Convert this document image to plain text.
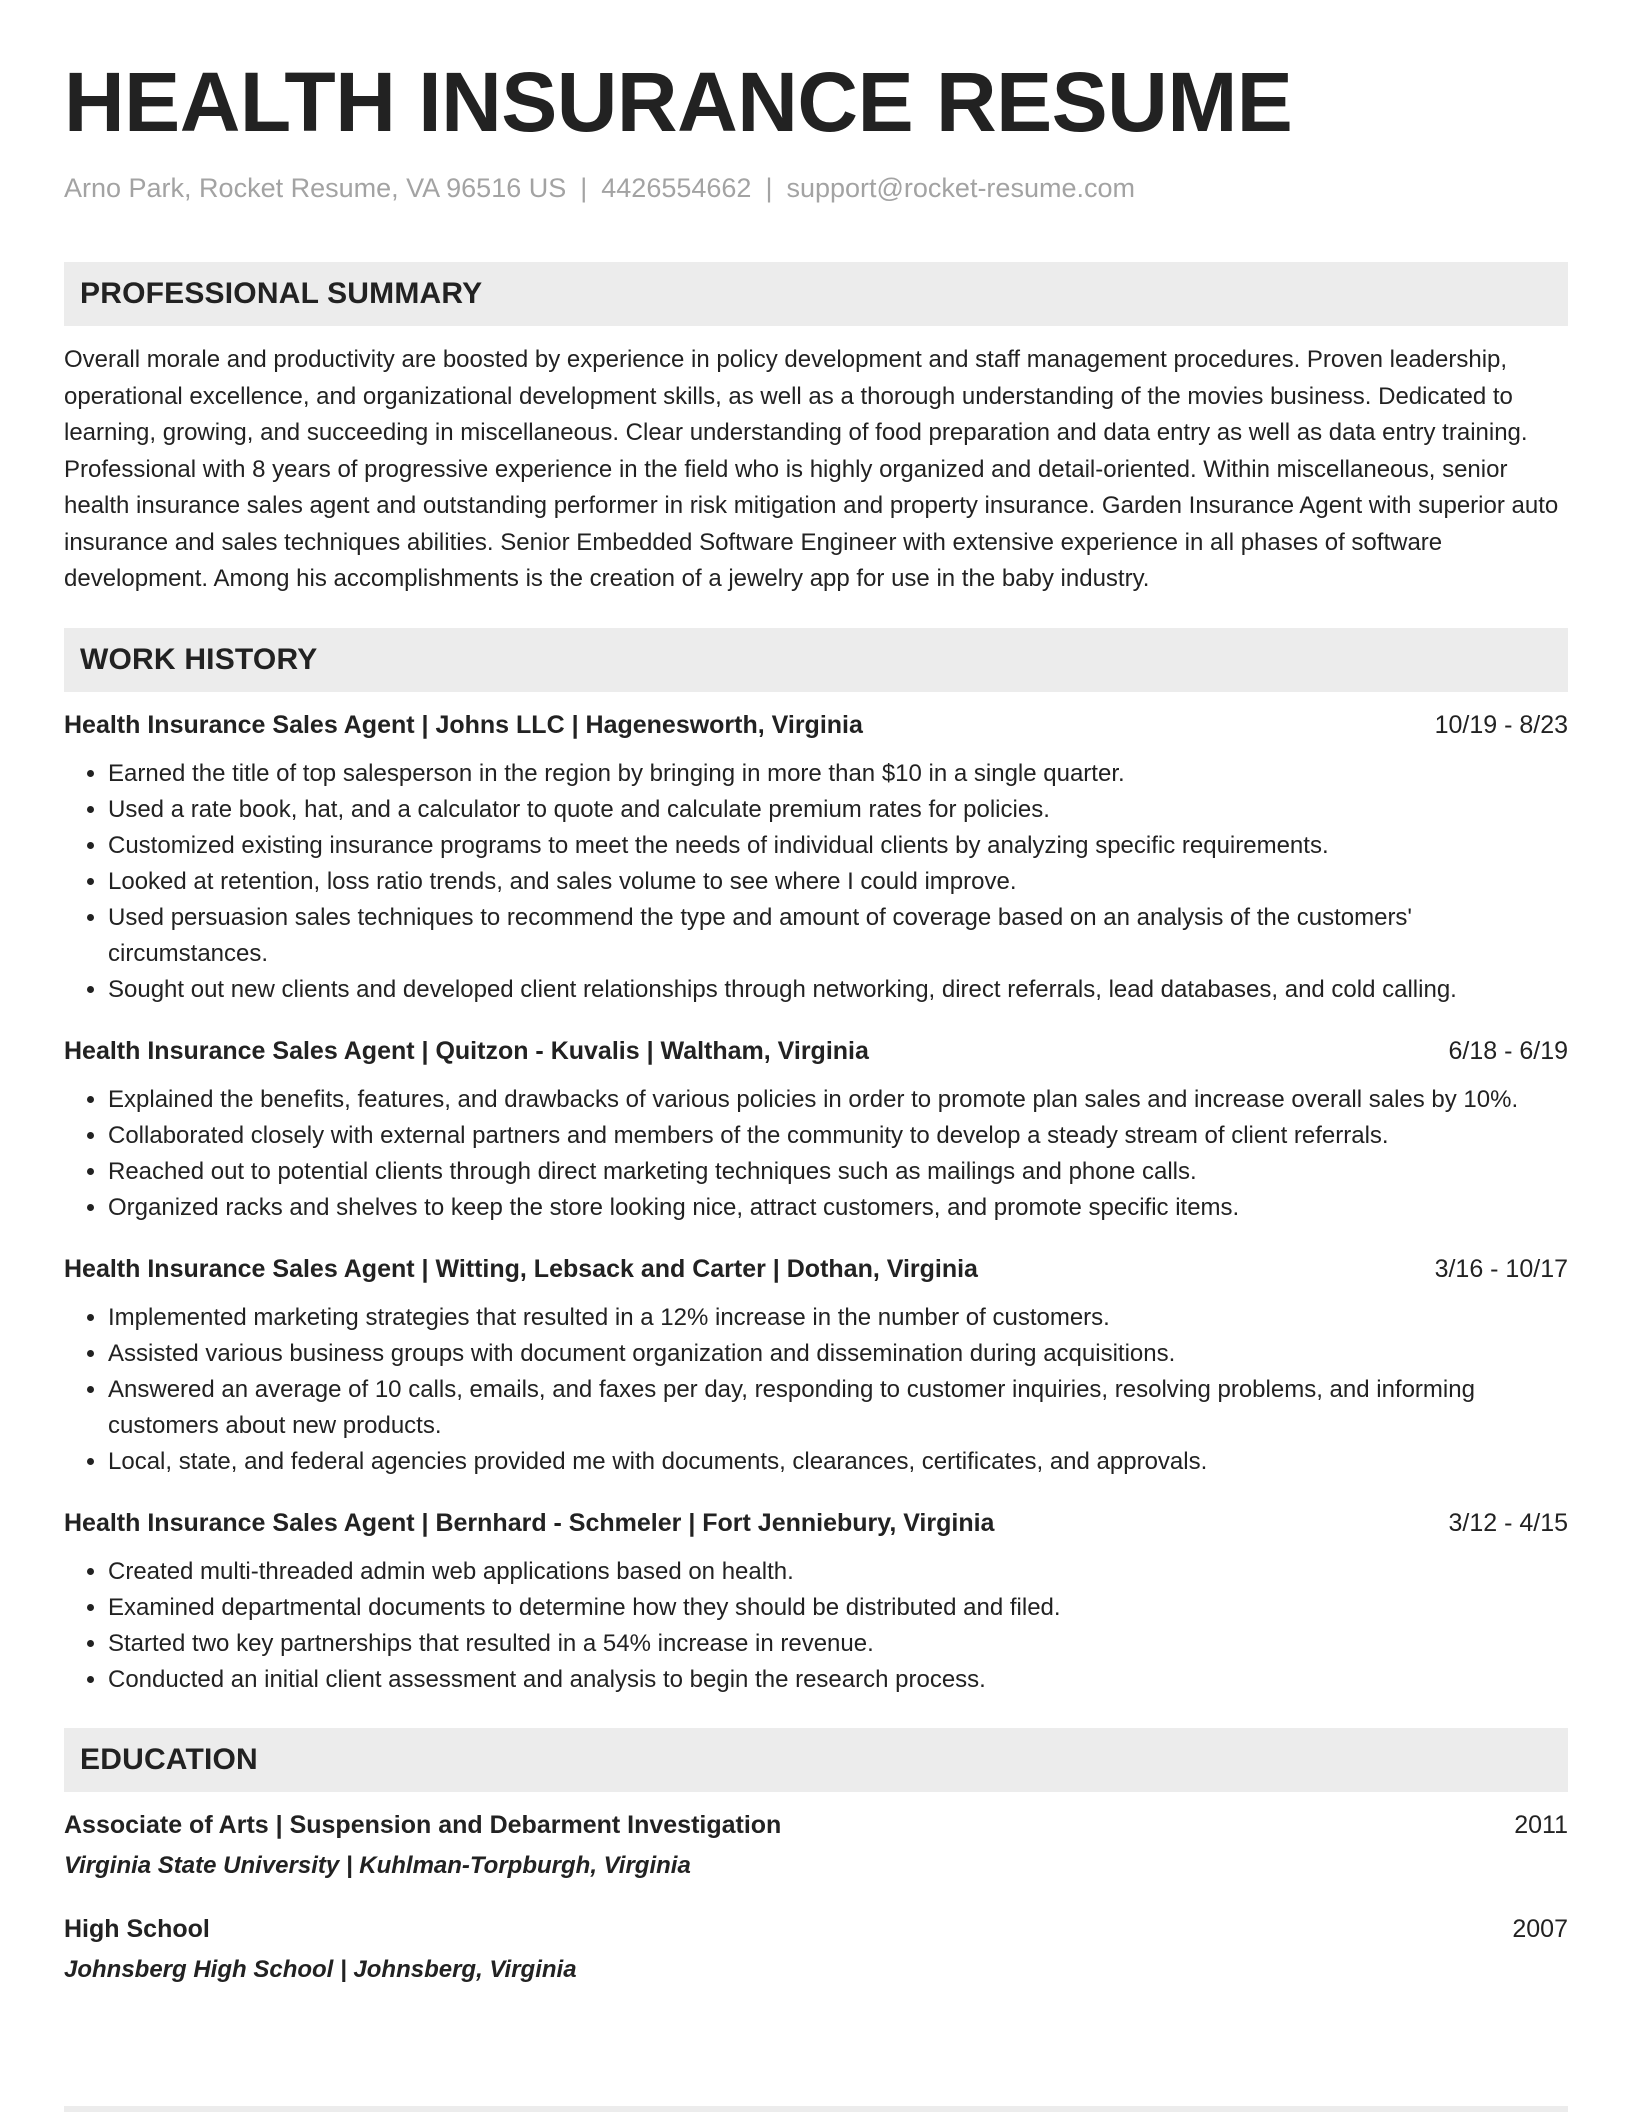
HEALTH INSURANCE RESUME
Arno Park, Rocket Resume, VA 96516 US | 4426554662 | support@rocket-resume.com
PROFESSIONAL SUMMARY
Overall morale and productivity are boosted by experience in policy development and staff management procedures. Proven leadership, operational excellence, and organizational development skills, as well as a thorough understanding of the movies business. Dedicated to learning, growing, and succeeding in miscellaneous. Clear understanding of food preparation and data entry as well as data entry training. Professional with 8 years of progressive experience in the field who is highly organized and detail-oriented. Within miscellaneous, senior health insurance sales agent and outstanding performer in risk mitigation and property insurance. Garden Insurance Agent with superior auto insurance and sales techniques abilities. Senior Embedded Software Engineer with extensive experience in all phases of software development. Among his accomplishments is the creation of a jewelry app for use in the baby industry.
WORK HISTORY
Health Insurance Sales Agent | Johns LLC | Hagenesworth, Virginia	10/19 - 8/23
• Earned the title of top salesperson in the region by bringing in more than $10 in a single quarter.
• Used a rate book, hat, and a calculator to quote and calculate premium rates for policies.
• Customized existing insurance programs to meet the needs of individual clients by analyzing specific requirements.
• Looked at retention, loss ratio trends, and sales volume to see where I could improve.
• Used persuasion sales techniques to recommend the type and amount of coverage based on an analysis of the customers' circumstances.
• Sought out new clients and developed client relationships through networking, direct referrals, lead databases, and cold calling.
Health Insurance Sales Agent | Quitzon - Kuvalis | Waltham, Virginia	6/18 - 6/19
• Explained the benefits, features, and drawbacks of various policies in order to promote plan sales and increase overall sales by 10%.
• Collaborated closely with external partners and members of the community to develop a steady stream of client referrals.
• Reached out to potential clients through direct marketing techniques such as mailings and phone calls.
• Organized racks and shelves to keep the store looking nice, attract customers, and promote specific items.
Health Insurance Sales Agent | Witting, Lebsack and Carter | Dothan, Virginia	3/16 - 10/17
• Implemented marketing strategies that resulted in a 12% increase in the number of customers.
• Assisted various business groups with document organization and dissemination during acquisitions.
• Answered an average of 10 calls, emails, and faxes per day, responding to customer inquiries, resolving problems, and informing customers about new products.
• Local, state, and federal agencies provided me with documents, clearances, certificates, and approvals.
Health Insurance Sales Agent | Bernhard - Schmeler | Fort Jenniebury, Virginia	3/12 - 4/15
• Created multi-threaded admin web applications based on health.
• Examined departmental documents to determine how they should be distributed and filed.
• Started two key partnerships that resulted in a 54% increase in revenue.
• Conducted an initial client assessment and analysis to begin the research process.
EDUCATION
Associate of Arts | Suspension and Debarment Investigation	2011
Virginia State University | Kuhlman-Torpburgh, Virginia
High School	2007
Johnsberg High School | Johnsberg, Virginia
